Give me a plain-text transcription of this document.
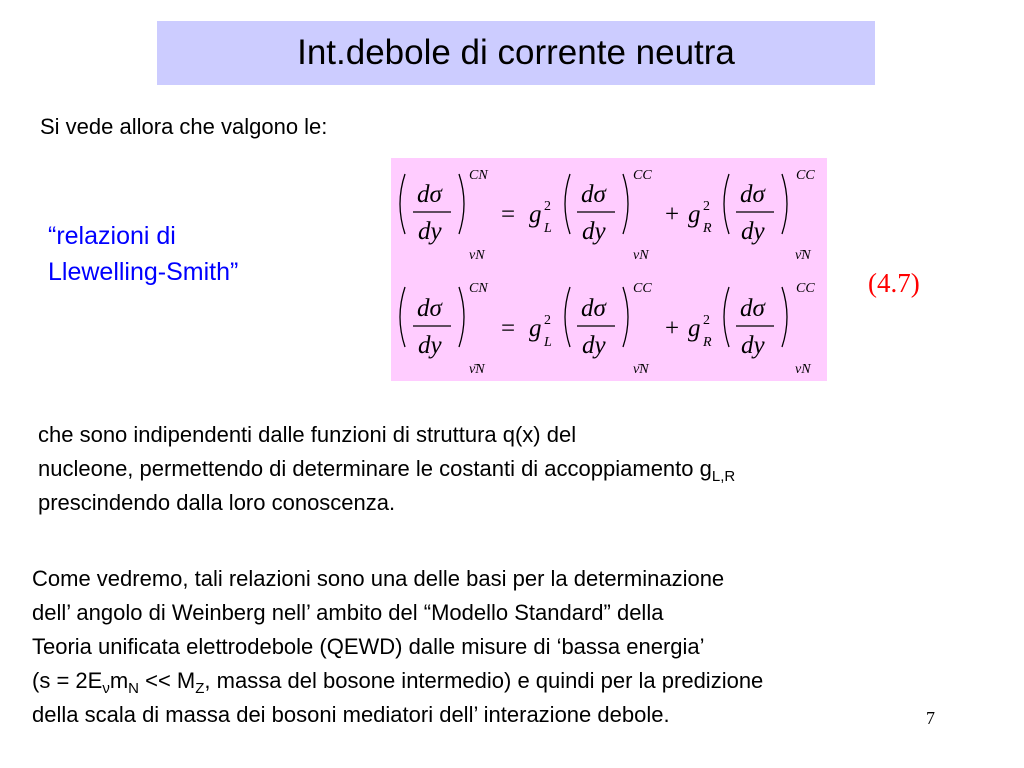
Int.debole di corrente neutra
Si vede allora che valgono le:
“relazioni di
Llewelling-Smith”
dσ
dy
CN
νN
= g 2
L
dσ
dy
CC
νN
+ g 2
R
dσ
dy
CC
ν̄N
dσ
dy
CN
ν̄N
= g 2
L
dσ
dy
CC
ν̄N
+ g 2
R
dσ
dy
CC
νN
(4.7)
che sono indipendenti dalle funzioni di struttura q(x) del
nucleone, permettendo di determinare le costanti di accoppiamento $g_{L,R}$
prescindendo dalla loro conoscenza.
Come vedremo, tali relazioni sono una delle basi per la determinazione
dell’ angolo di Weinberg nell’ ambito del “Modello Standard” della
Teoria unificata elettrodebole (QEWD) dalle misure di ‘bassa energia’
($s = 2E_\nu m_N << M_Z$, massa del bosone intermedio) e quindi per la predizione
della scala di massa dei bosoni mediatori dell’ interazione debole.	7
